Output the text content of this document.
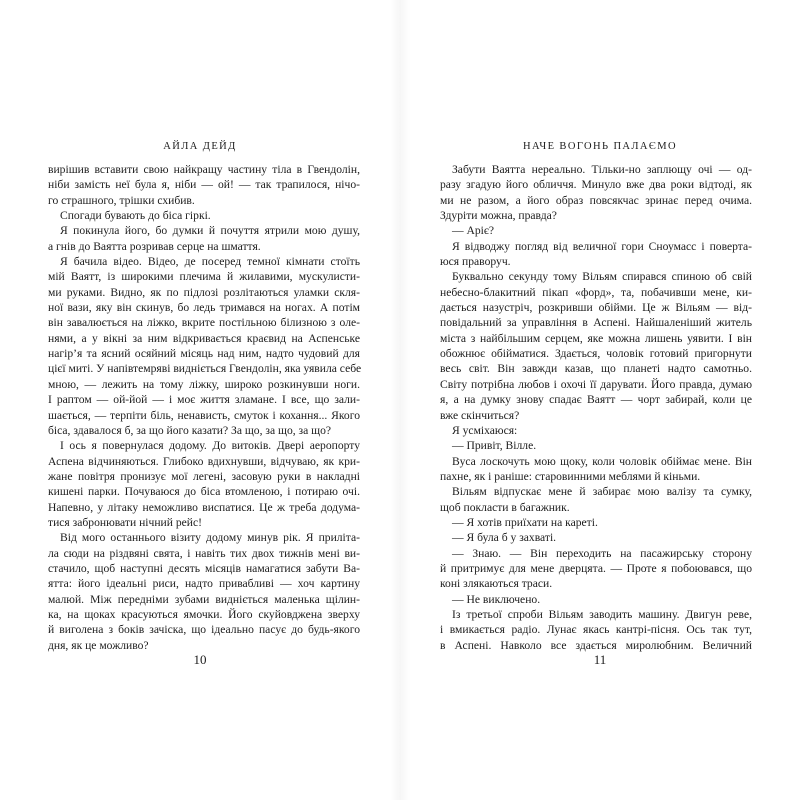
АЙЛА ДЕЙД
вирішив вставити свою найкращу частину тіла в Гвендолін,
ніби замість неї була я, ніби — ой! — так трапилося, нічо-
го страшного, трішки схибив.
Спогади бувають до біса гіркі.
Я покинула його, бо думки й почуття ятрили мою душу,
а гнів до Ваятта розривав серце на шмаття.
Я бачила відео. Відео, де посеред темної кімнати стоїть
мій Ваятт, із широкими плечима й жилавими, мускулисти-
ми руками. Видно, як по підлозі розлітаються уламки скля-
ної вази, яку він скинув, бо ледь тримався на ногах. А потім
він завалюється на ліжко, вкрите постільною білизною з оле-
нями, а у вікні за ним відкривається краєвид на Аспенське
нагір’я та ясний осяйний місяць над ним, надто чудовий для
цієї миті. У напівтемряві видніється Гвендолін, яка уявила себе
мною, — лежить на тому ліжку, широко розкинувши ноги.
І раптом — ой-йой — і моє життя зламане. І все, що зали-
шається, — терпіти біль, ненависть, смуток і кохання... Якого
біса, здавалося б, за що його казати? За що, за що, за що?
І ось я повернулася додому. До витоків. Двері аеропорту
Аспена відчиняються. Глибоко вдихнувши, відчуваю, як кри-
жане повітря пронизує мої легені, засовую руки в накладні
кишені парки. Почуваюся до біса втомленою, і потираю очі.
Напевно, у літаку неможливо виспатися. Це ж треба додума-
тися забронювати нічний рейс!
Від мого останнього візиту додому минув рік. Я приліта-
ла сюди на різдвяні свята, і навіть тих двох тижнів мені ви-
стачило, щоб наступні десять місяців намагатися забути Ва-
ятта: його ідеальні риси, надто привабливі — хоч картину
малюй. Між передніми зубами видніється маленька щілин-
ка, на щоках красуються ямочки. Його скуйовджена зверху
й виголена з боків зачіска, що ідеально пасує до будь-якого
дня, як це можливо?
10
НАЧЕ ВОГОНЬ ПАЛАЄМО
Забути Ваятта нереально. Тільки-но заплющу очі — од-
разу згадую його обличчя. Минуло вже два роки відтоді, як
ми не разом, а його образ повсякчас зринає перед очима.
Здурiти можна, правда?
— Аріє?
Я відводжу погляд від величної гори Сноумасс і поверта-
юся праворуч.
Буквально секунду тому Вільям спирався спиною об свій
небесно-блакитний пікап «форд», та, побачивши мене, ки-
дається назустріч, розкривши обійми. Це ж Вільям — від-
повідальний за управління в Аспені. Найшаленіший житель
міста з найбільшим серцем, яке можна лишень уявити. І він
обожнює обійматися. Здається, чоловік готовий пригорнути
весь світ. Він завжди казав, що планеті надто самотньо.
Світу потрібна любов і охочі її дарувати. Його правда, думаю
я, а на думку знову спадає Ваятт — чорт забирай, коли це
вже скінчиться?
Я усміхаюся:
— Привіт, Вілле.
Вуса лоскочуть мою щоку, коли чоловік обіймає мене. Він
пахне, як і раніше: старовинними меблями й кіньми.
Вільям відпускає мене й забирає мою валізу та сумку,
щоб покласти в багажник.
— Я хотів приїхати на кареті.
— Я була б у захваті.
— Знаю. — Він переходить на пасажирську сторону
й притримує для мене дверцята. — Проте я побоювався, що
коні злякаються траси.
— Не виключено.
Із третьої спроби Вільям заводить машину. Двигун реве,
і вмикається радіо. Лунає якась кантрі-пісня. Ось так тут,
в Аспені. Навколо все здається миролюбним. Величний
11
